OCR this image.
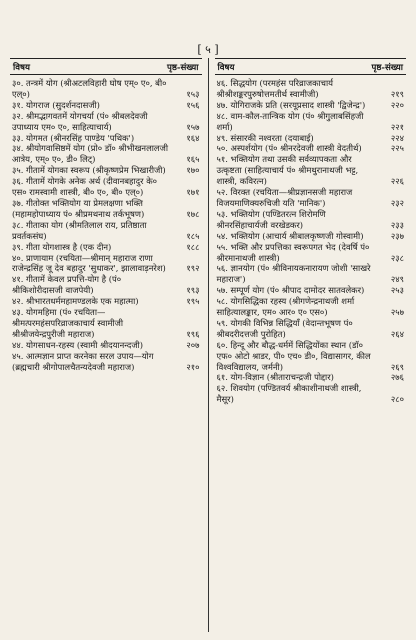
[ ५ ]
विषय	पृष्ठ-संख्या
३०. तन्त्रमें योग (श्रीअटलविहारी घोष एम्० ए०, बी० एल्०)	१५३
३१. योगराज (सुदर्शनदासजी)	१५६
३२. श्रीमद्भागवतमें योगचर्या (पं० श्रीबलदेवजी उपाध्याय एम० ए०, साहित्याचार्य)	१५७
३३. योगमत (श्रीनरसिंह पाण्डेय 'पथिक')	१६४
३४. श्रीयोगवासिष्ठमें योग (प्रो० डॉ० श्रीभीखनलालजी आत्रेय, एम्० ए०, डी० लिट्)	१६५
३५. गीतामें योगका स्वरूप (श्रीकृष्णप्रेम भिखारीजी)	१७०
३६. गीतामें योगके अनेक अर्थ (दीवानबहादुर के० एस० रामस्वामी शास्त्री, बी० ए०, बी० एल्०)	१७१
३७. गीतोक्त भक्तियोग या प्रेमलक्षणा भक्ति (महामहोपाध्याय पं० श्रीप्रमथनाथ तर्कभूषण)	१७८
३८. गीताका योग (श्रीमतिलाल राय, प्रतिष्ठाता प्रवर्तकसंघ)	१८५
३९. गीता योगशास्त्र है (एक दीन)	१८८
४०. प्राणायाम (रचयिता—श्रीमान् महाराज राणा राजेन्द्रसिंह जू देव बहादुर 'सुधाकर', झालावाड़नरेश)	१९२
४१. गीतामें केवल प्रपत्ति-योग है (पं० श्रीकिशोरीदासजी वाजपेयी)	१९३
४२. श्रीभारतधर्ममहामण्डलके एक महात्मा)	१९५
४३. योगमहिमा (पं० रचयिता—श्रीमत्परमहंसपरिव्राजकाचार्य स्वामीजी श्रीश्रीजयेन्द्रपुरीजी महाराज)	१९६
४४. योगसाधन-रहस्य (स्वामी श्रीदयानन्दजी)	२०७
४५. आत्मज्ञान प्राप्त करनेका सरल उपाय—योग (ब्रह्मचारी श्रीगोपालचैतन्यदेवजी महाराज)	२१०
विषय	पृष्ठ-संख्या
४६. सिद्धयोग (परमहंस परिव्राजकाचार्य श्रीश्रीशङ्करपुरुषोत्तमतीर्थ स्वामीजी)	२१९
४७. योगिराजके प्रति (सरयूप्रसाद शास्त्री 'द्विजेन्द्र')	२२०
४८. वाम-कौल-तान्त्रिक योग (पं० श्रीगुलाबसिंहजी शर्मा)	२२१
४९. संसारकी नश्वरता (दयाबाई)	२२४
५०. अस्पर्शयोग (पं० श्रीनरदेवजी शास्त्री वेदतीर्थ)	२२५
५१. भक्तियोग तथा उसकी सर्वव्यापकता और उत्कृष्टता (साहित्याचार्य पं० श्रीमथुरानाथजी भट्ट, शास्त्री, कविरत्न)	२२६
५२. विरक्त (रचयिता—श्रीप्रज्ञानसजी महाराज विजयमाणिक्यरुचिजी यति 'मानिक')	२३२
५३. भक्तियोग (पण्डितरत्न शिरोमणि श्रीनरसिंहाचार्यजी वरखेडकर)	२३३
५४. भक्तियोग (आचार्य श्रीबालकृष्णजी गोस्वामी)	२३७
५५. भक्ति और प्रपत्तिका स्वरूपगत भेद (देवर्षि पं० श्रीरमानाथजी शास्त्री)	२३८
५६. ज्ञानयोग (पं० श्रीविनायकनारायण जोशी 'साखरे महाराज')	२४९
५७. सम्पूर्ण योग (पं० श्रीपाद दामोदर सातवलेकर)	२५३
५८. योगसिद्धिका रहस्य (श्रीगणेन्द्रनाथजी शर्मा साहित्यालङ्कार, एम० आर० ए० एस०)	२५७
५९. योगकी विभिन्न सिद्धियाँ (वेदान्तभूषण पं० श्रीबदरीदत्तजी पुरोहित)	२६४
६०. हिन्दू और बौद्ध-धर्ममें सिद्धियोंका स्थान (डॉ० एफ० ओटो श्राडर, पी० एच० डी०, विद्यासागर, कील विश्वविद्यालय, जर्मनी)	२६९
६१. योग-विज्ञान (श्रीताराचन्द्रजी पोद्दार)	२७६
६२. शिवयोग (पण्डितवर्य श्रीकाशीनाथजी शास्त्री, मैसूर)	२८०
